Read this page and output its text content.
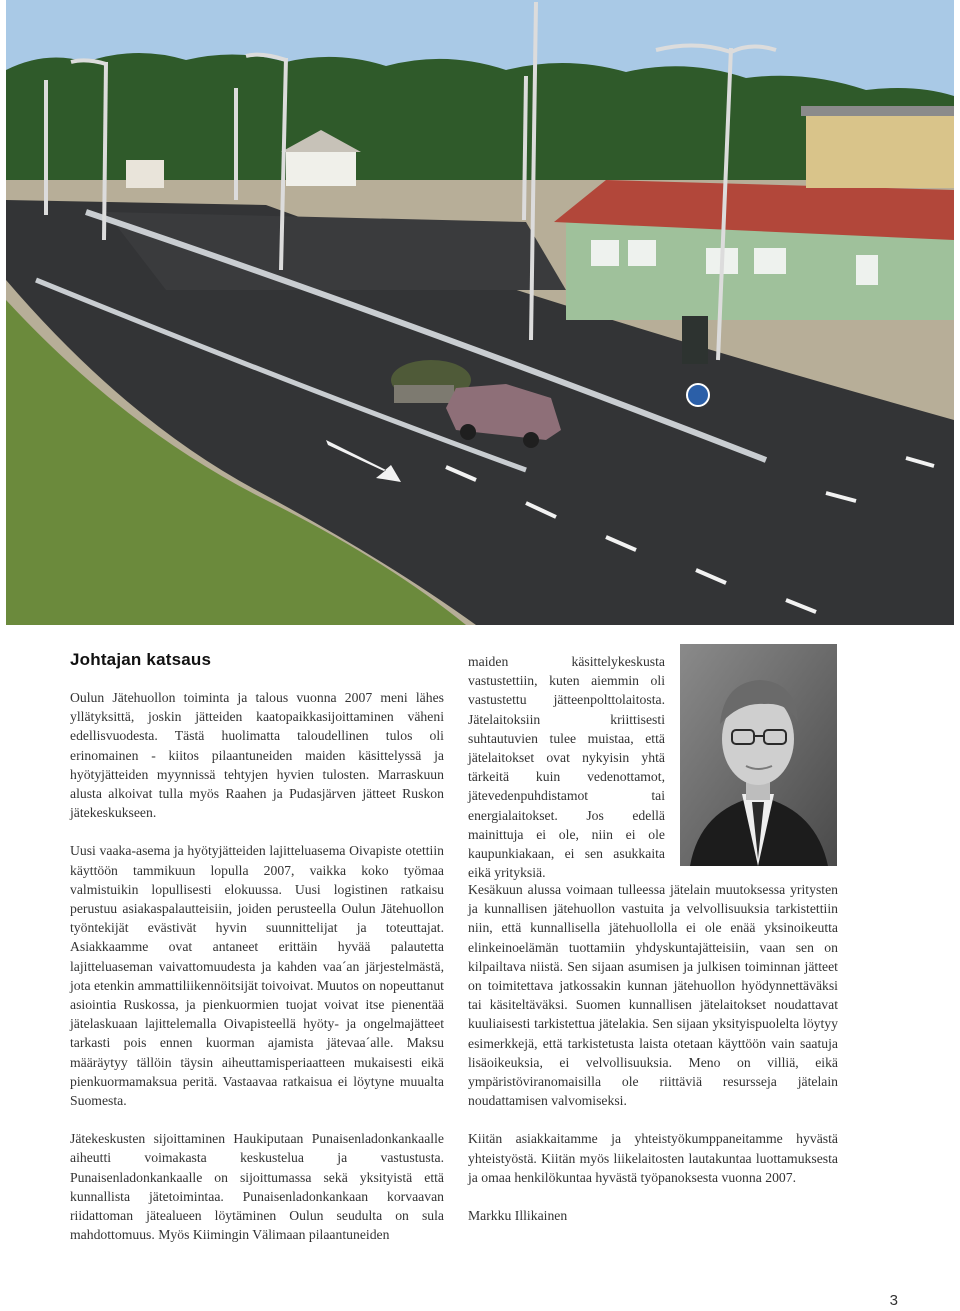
Johtajan katsaus

Oulun Jätehuollon toiminta ja talous vuonna 2007 meni lähes yllätyksittä, joskin jätteiden kaatopaikkasijoittaminen väheni edellisvuodesta. Tästä huolimatta taloudellinen tulos oli erinomainen - kiitos pilaantuneiden maiden käsittelyssä ja hyötyjätteiden myynnissä tehtyjen hyvien tulosten. Marraskuun alusta alkoivat tulla myös Raahen ja Pudasjärven jätteet Ruskon jätekeskukseen.

Uusi vaaka-asema ja hyötyjätteiden lajitteluasema Oivapiste otettiin käyttöön tammikuun lopulla 2007, vaikka koko työmaa valmistuikin lopullisesti elokuussa. Uusi logistinen ratkaisu perustuu asiakaspalautteisiin, joiden perusteella Oulun Jätehuollon työntekijät evästivät hyvin suunnittelijat ja toteuttajat. Asiakkaamme ovat antaneet erittäin hyvää palautetta lajitteluaseman vaivattomuudesta ja kahden vaa´an järjestelmästä, jota etenkin ammattiliikennöitsijät toivoivat. Muutos on nopeuttanut asiointia Ruskossa, ja pienkuormien tuojat voivat itse pienentää jätelaskuaan lajittelemalla Oivapisteellä hyöty- ja ongelmajätteet tarkasti pois ennen kuorman ajamista jätevaa´alle. Maksu määräytyy tällöin täysin aiheuttamisperiaatteen mukaisesti eikä pienkuormamaksua peritä. Vastaavaa ratkaisua ei löytyne muualta Suomesta.

Jätekeskusten sijoittaminen Haukiputaan Punaisenladonkankaalle aiheutti voimakasta keskustelua ja vastustusta. Punaisenladonkankaalle on sijoittumassa sekä yksityistä että kunnallista jätetoimintaa. Punaisenladonkankaan korvaavan riidattoman jätealueen löytäminen Oulun seudulta on sula mahdottomuus. Myös Kiimingin Välimaan pilaantuneiden

maiden käsittelykeskusta vastustettiin, kuten aiemmin oli vastustettu jätteenpolttolaitosta. Jätelaitoksiin kriittisesti suhtautuvien tulee muistaa, että jätelaitokset ovat nykyisin yhtä tärkeitä kuin vedenottamot, jätevedenpuhdistamot tai energialaitokset. Jos edellä mainittuja ei ole, niin ei ole kaupunkiakaan, ei sen asukkaita eikä yrityksiä.

Kesäkuun alussa voimaan tulleessa jätelain muutoksessa yritysten ja kunnallisen jätehuollon vastuita ja velvollisuuksia tarkistettiin niin, että kunnallisella jätehuollolla ei ole enää yksinoikeutta elinkeinoelämän tuottamiin yhdyskuntajätteisiin, vaan sen on kilpailtava niistä. Sen sijaan asumisen ja julkisen toiminnan jätteet on toimitettava jatkossakin kunnan jätehuollon hyödynnettäväksi tai käsiteltäväksi. Suomen kunnallisen jätelaitokset noudattavat kuuliaisesti tarkistettua jätelakia. Sen sijaan yksityispuolelta löytyy esimerkkejä, että tarkistetusta laista otetaan käyttöön vain saatuja lisäoikeuksia, ei velvollisuuksia. Meno on villiä, eikä ympäristöviranomaisilla ole riittäviä resursseja jätelain noudattamisen valvomiseksi.

Kiitän asiakkaitamme ja yhteistyökumppaneitamme hyvästä yhteistyöstä. Kiitän myös liikelaitosten lautakuntaa luottamuksesta ja omaa henkilökuntaa hyvästä työpanoksesta vuonna 2007.

Markku Illikainen

3
